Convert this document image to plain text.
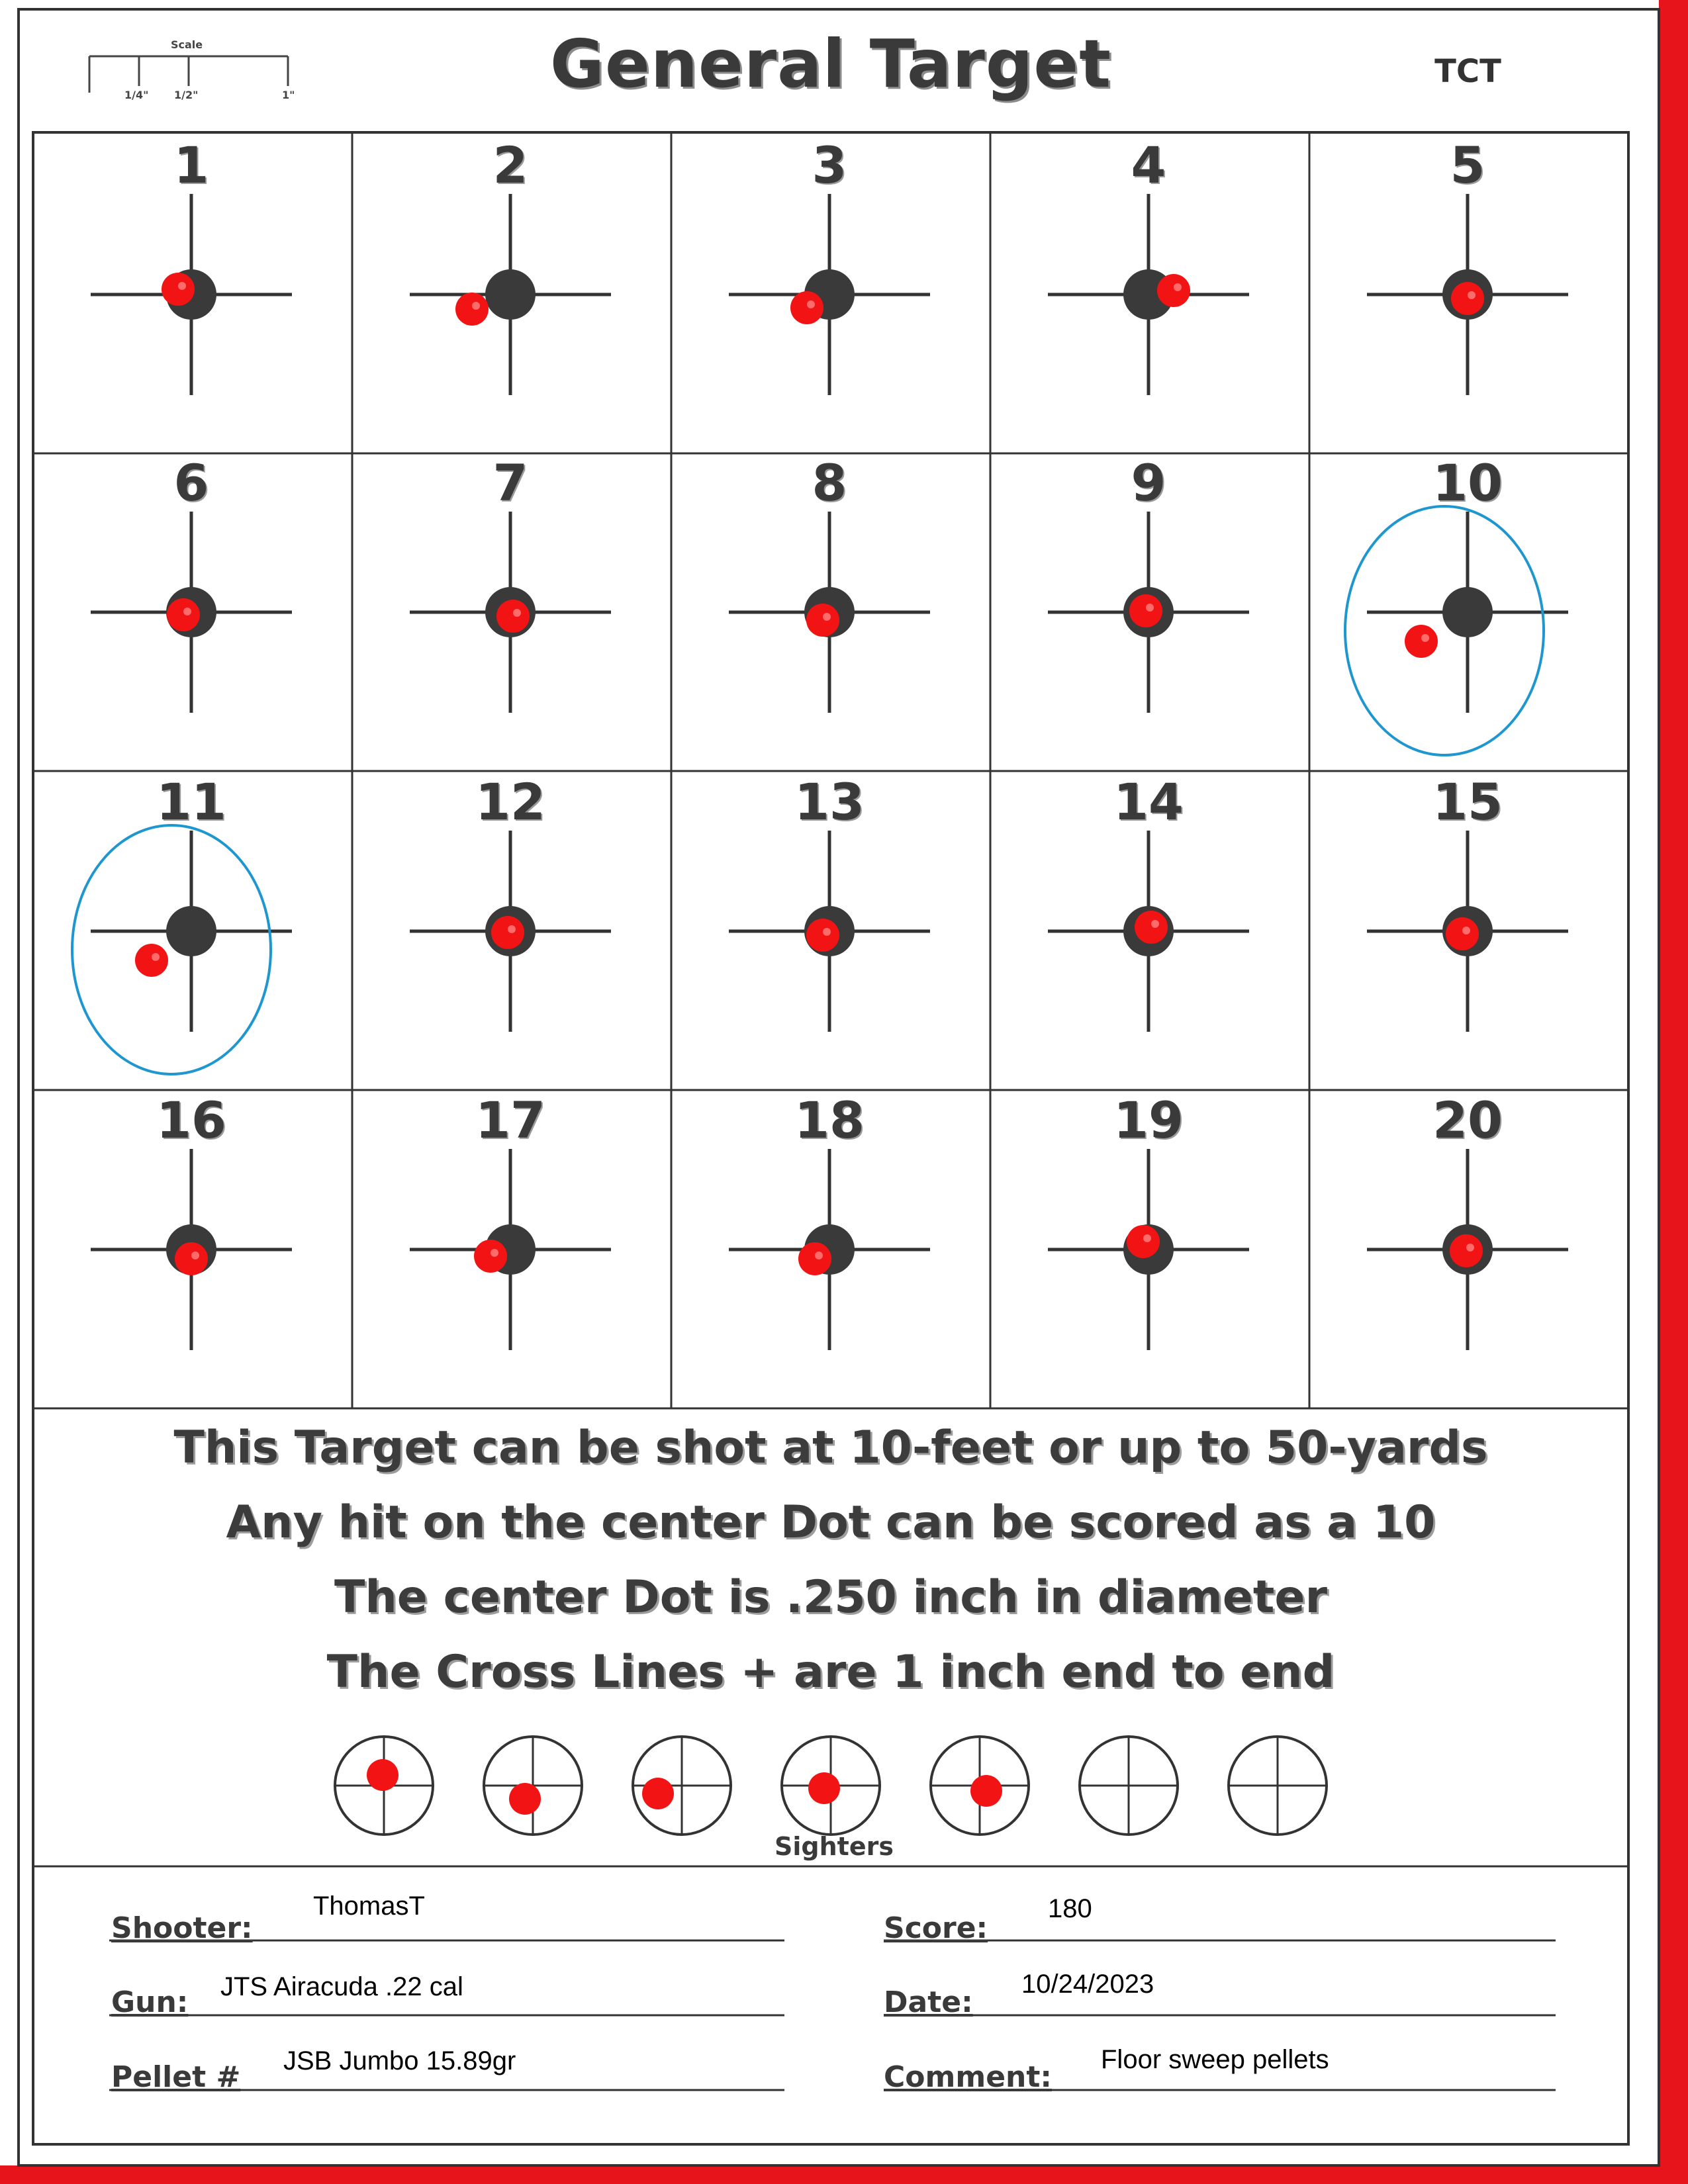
Scale
1/4" 1/2"	1"	General Target	TCT
1	2	3	4	5
6	7	8	9	10
11	12	13	14	15
16	17	18	19	20
This Target can be shot at 10-feet or up to 50-yards
Any hit on the center Dot can be scored as a 10
The center Dot is .250 inch in diameter
The Cross Lines + are 1 inch end to end
Sighters
Shooter:
ThomasT
Gun: JTS Airacuda .22 cal
Pellet # JSB Jumbo 15.89gr
Score:
180
Date:
10/24/2023
Comment:
Floor sweep pellets
